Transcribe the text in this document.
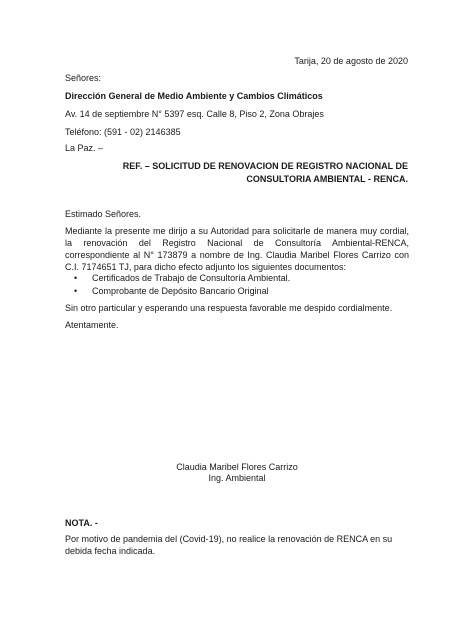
Tarija, 20 de agosto de 2020
Señores:
Dirección General de Medio Ambiente y Cambios Climáticos
Av. 14 de septiembre N° 5397 esq. Calle 8, Piso 2, Zona Obrajes
Teléfono: (591 - 02) 2146385
La Paz. –
REF. – SOLICITUD DE RENOVACION DE REGISTRO NACIONAL DE CONSULTORIA AMBIENTAL - RENCA.
Estimado Señores.
Mediante la presente me dirijo a su Autoridad para solicitarle de manera muy cordial, la renovación del Registro Nacional de Consultoría Ambiental-RENCA, correspondiente al N° 173879 a nombre de Ing. Claudia Maribel Flores Carrizo con C.I. 7174651 TJ, para dicho efecto adjunto los siguientes documentos:
• Certificados de Trabajo de Consultoría Ambiental.
• Comprobante de Depósito Bancario Original
Sin otro particular y esperando una respuesta favorable me despido cordialmente.
Atentamente.
Claudia Maribel Flores Carrizo
Ing. Ambiental
NOTA. -
Por motivo de pandemia del (Covid-19), no realice la renovación de RENCA en su debida fecha indicada.
